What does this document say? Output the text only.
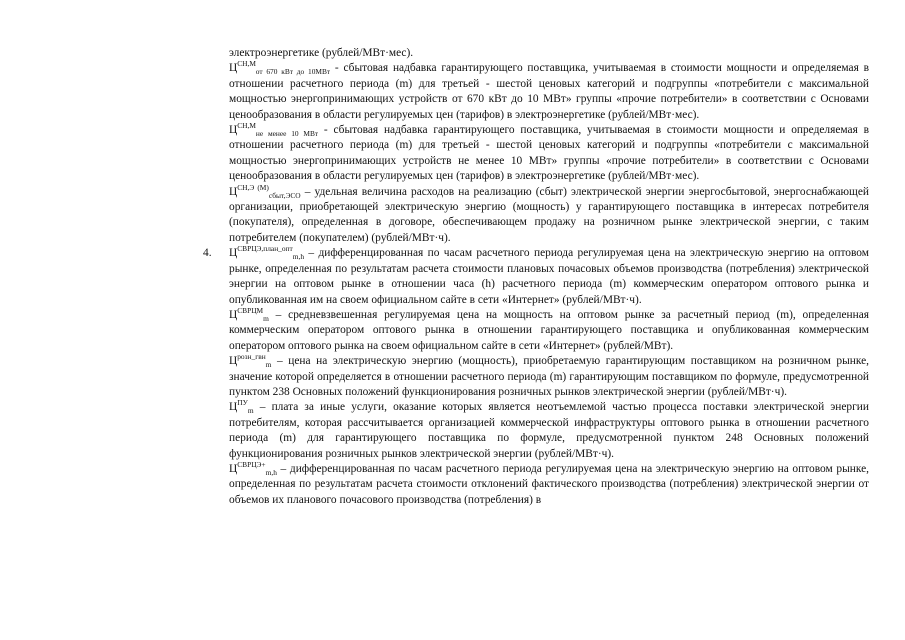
электроэнергетике (рублей/МВт·мес).

$Ц^{СН,М}_{от 670 кВт до 10МВт}$ - сбытовая надбавка гарантирующего поставщика, учитываемая в стоимости мощности и определяемая в отношении расчетного периода (m) для третьей - шестой ценовых категорий и подгруппы «потребители с максимальной мощностью энергопринимающих устройств от 670 кВт до 10 МВт» группы «прочие потребители» в соответствии с Основами ценообразования в области регулируемых цен (тарифов) в электроэнергетике (рублей/МВт·мес).

$Ц^{СН,М}_{не менее 10 МВт}$ - сбытовая надбавка гарантирующего поставщика, учитываемая в стоимости мощности и определяемая в отношении расчетного периода (m) для третьей - шестой ценовых категорий и подгруппы «потребители с максимальной мощностью энергопринимающих устройств не менее 10 МВт» группы «прочие потребители» в соответствии с Основами ценообразования в области регулируемых цен (тарифов) в электроэнергетике (рублей/МВт·мес).

$Ц^{СН,Э (М)}_{сбыт,ЭСО}$ – удельная величина расходов на реализацию (сбыт) электрической энергии энергосбытовой, энергоснабжающей организации, приобретающей электрическую энергию (мощность) у гарантирующего поставщика в интересах потребителя (покупателя), определенная в договоре, обеспечивающем продажу на розничном рынке электрической энергии, с таким потребителем (покупателем) (рублей/МВт·ч).

4. $Ц^{СВРЦЭ,план\_опт}_{m,h}$ – дифференцированная по часам расчетного периода регулируемая цена на электрическую энергию на оптовом рынке, определенная по результатам расчета стоимости плановых почасовых объемов производства (потребления) электрической энергии на оптовом рынке в отношении часа (h) расчетного периода (m) коммерческим оператором оптового рынка и опубликованная им на своем официальном сайте в сети «Интернет» (рублей/МВт·ч).

$Ц^{СВРЦМ}_m$ – средневзвешенная регулируемая цена на мощность на оптовом рынке за расчетный период (m), определенная коммерческим оператором оптового рынка в отношении гарантирующего поставщика и опубликованная коммерческим оператором оптового рынка на своем официальном сайте в сети «Интернет» (рублей/МВт).

$Ц^{розн\_гвн}_m$ – цена на электрическую энергию (мощность), приобретаемую гарантирующим поставщиком на розничном рынке, значение которой определяется в отношении расчетного периода (m) гарантирующим поставщиком по формуле, предусмотренной пунктом 238 Основных положений функционирования розничных рынков электрической энергии (рублей/МВт·ч).

$Ц^{ПУ}_m$ – плата за иные услуги, оказание которых является неотъемлемой частью процесса поставки электрической энергии потребителям, которая рассчитывается организацией коммерческой инфраструктуры оптового рынка в отношении расчетного периода (m) для гарантирующего поставщика по формуле, предусмотренной пунктом 248 Основных положений функционирования розничных рынков электрической энергии (рублей/МВт·ч).

$Ц^{СВРЦЭ+}_{m,h}$ – дифференцированная по часам расчетного периода регулируемая цена на электрическую энергию на оптовом рынке, определенная по результатам расчета стоимости отклонений фактического производства (потребления) электрической энергии от объемов их планового почасового производства (потребления) в
